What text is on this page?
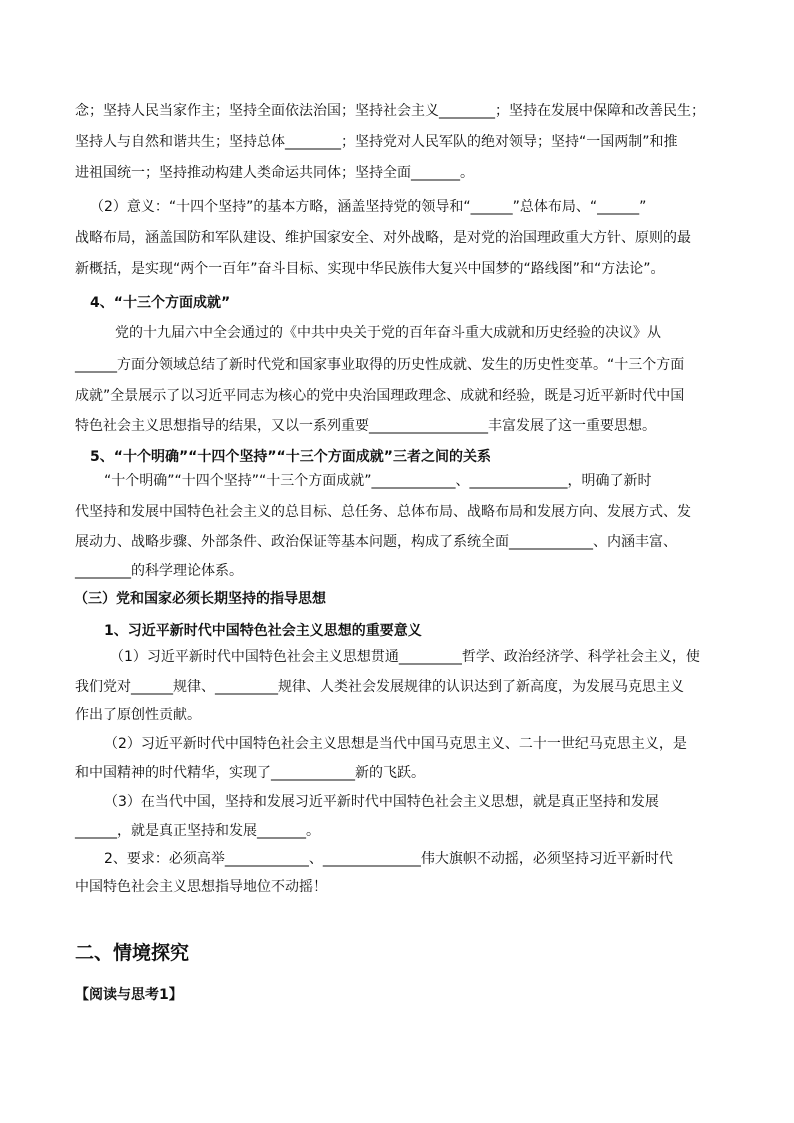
念；坚持人民当家作主；坚持全面依法治国；坚持社会主义________；坚持在发展中保障和改善民生；
坚持人与自然和谐共生；坚持总体________；坚持党对人民军队的绝对领导；坚持“一国两制”和推
进祖国统一；坚持推动构建人类命运共同体；坚持全面_______。
（2）意义：“十四个坚持”的基本方略，涵盖坚持党的领导和“______”总体布局、“______”
战略布局，涵盖国防和军队建设、维护国家安全、对外战略，是对党的治国理政重大方针、原则的最
新概括，是实现“两个一百年”奋斗目标、实现中华民族伟大复兴中国梦的“路线图”和“方法论”。
4、“十三个方面成就”
党的十九届六中全会通过的《中共中央关于党的百年奋斗重大成就和历史经验的决议》从
______方面分领域总结了新时代党和国家事业取得的历史性成就、发生的历史性变革。“十三个方面
成就”全景展示了以习近平同志为核心的党中央治国理政理念、成就和经验，既是习近平新时代中国
特色社会主义思想指导的结果，又以一系列重要_________________丰富发展了这一重要思想。
5、“十个明确”“十四个坚持”“十三个方面成就”三者之间的关系
“十个明确”“十四个坚持”“十三个方面成就”____________、______________，明确了新时
代坚持和发展中国特色社会主义的总目标、总任务、总体布局、战略布局和发展方向、发展方式、发
展动力、战略步骤、外部条件、政治保证等基本问题，构成了系统全面____________、内涵丰富、
________的科学理论体系。
（三）党和国家必须长期坚持的指导思想
1、习近平新时代中国特色社会主义思想的重要意义
（1）习近平新时代中国特色社会主义思想贯通_________哲学、政治经济学、科学社会主义，使
我们党对______规律、_________规律、人类社会发展规律的认识达到了新高度，为发展马克思主义
作出了原创性贡献。
（2）习近平新时代中国特色社会主义思想是当代中国马克思主义、二十一世纪马克思主义，是
和中国精神的时代精华，实现了____________新的飞跃。
（3）在当代中国，坚持和发展习近平新时代中国特色社会主义思想，就是真正坚持和发展
______，就是真正坚持和发展_______。
2、要求：必须高举____________、______________伟大旗帜不动摇，必须坚持习近平新时代
中国特色社会主义思想指导地位不动摇！
二、情境探究
【阅读与思考1】
